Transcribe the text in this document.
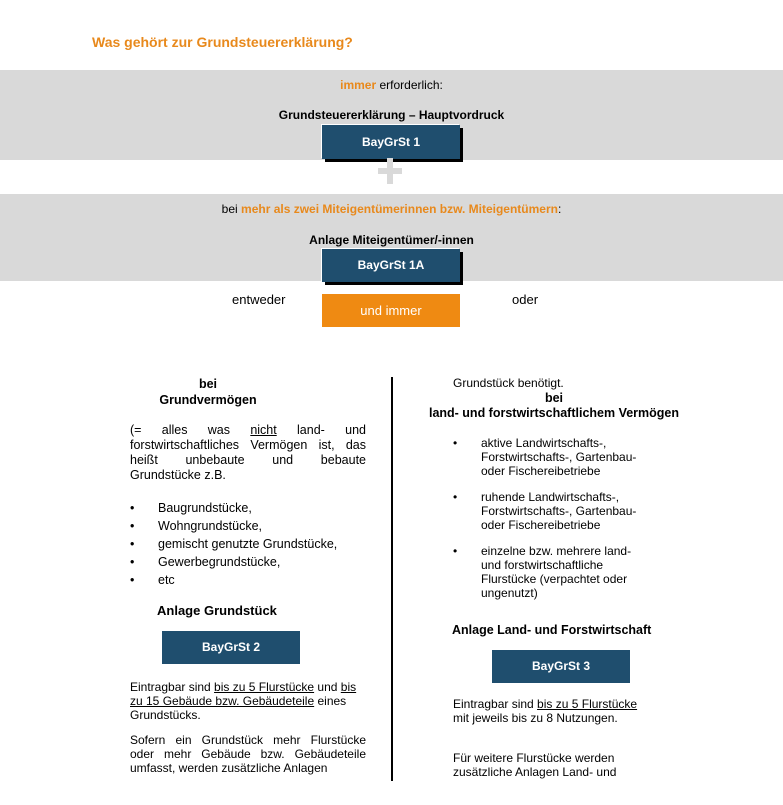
Was gehört zur Grundsteuererklärung?
immer erforderlich:
Grundsteuererklärung – Hauptvordruck
BayGrSt 1
bei mehr als zwei Miteigentümerinnen bzw. Miteigentümern:
Anlage Miteigentümer/-innen
BayGrSt 1A
entweder
und immer
oder
bei
Grundvermögen
(= alles was nicht land- und forstwirtschaftliches Vermögen ist, das heißt unbebaute und bebaute Grundstücke z.B.
• Baugrundstücke,
• Wohngrundstücke,
• gemischt genutzte Grundstücke,
• Gewerbegrundstücke,
• etc
Anlage Grundstück
BayGrSt 2
Eintragbar sind bis zu 5 Flurstücke und bis zu 15 Gebäude bzw. Gebäudeteile eines Grundstücks.
Sofern ein Grundstück mehr Flurstücke oder mehr Gebäude bzw. Gebäudeteile umfasst, werden zusätzliche Anlagen
Grundstück benötigt.
bei
land- und forstwirtschaftlichem Vermögen
• aktive Landwirtschafts-, Forstwirtschafts-, Gartenbau- oder Fischereibetriebe
• ruhende Landwirtschafts-, Forstwirtschafts-, Gartenbau- oder Fischereibetriebe
• einzelne bzw. mehrere land- und forstwirtschaftliche Flurstücke (verpachtet oder ungenutzt)
Anlage Land- und Forstwirtschaft
BayGrSt 3
Eintragbar sind bis zu 5 Flurstücke mit jeweils bis zu 8 Nutzungen.
Für weitere Flurstücke werden zusätzliche Anlagen Land- und
